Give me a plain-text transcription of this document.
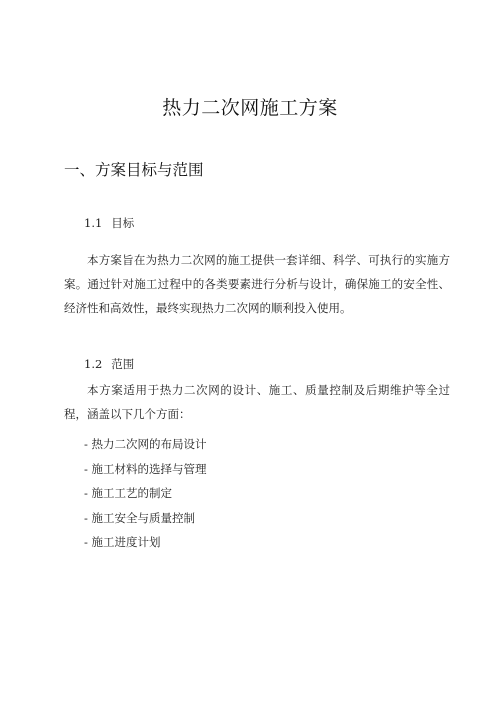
热力二次网施工方案
一、方案目标与范围
1.1 目标
本方案旨在为热力二次网的施工提供一套详细、科学、可执行的实施方案。通过针对施工过程中的各类要素进行分析与设计，确保施工的安全性、经济性和高效性，最终实现热力二次网的顺利投入使用。
1.2 范围
本方案适用于热力二次网的设计、施工、质量控制及后期维护等全过程，涵盖以下几个方面：
- 热力二次网的布局设计
- 施工材料的选择与管理
- 施工工艺的制定
- 施工安全与质量控制
- 施工进度计划
